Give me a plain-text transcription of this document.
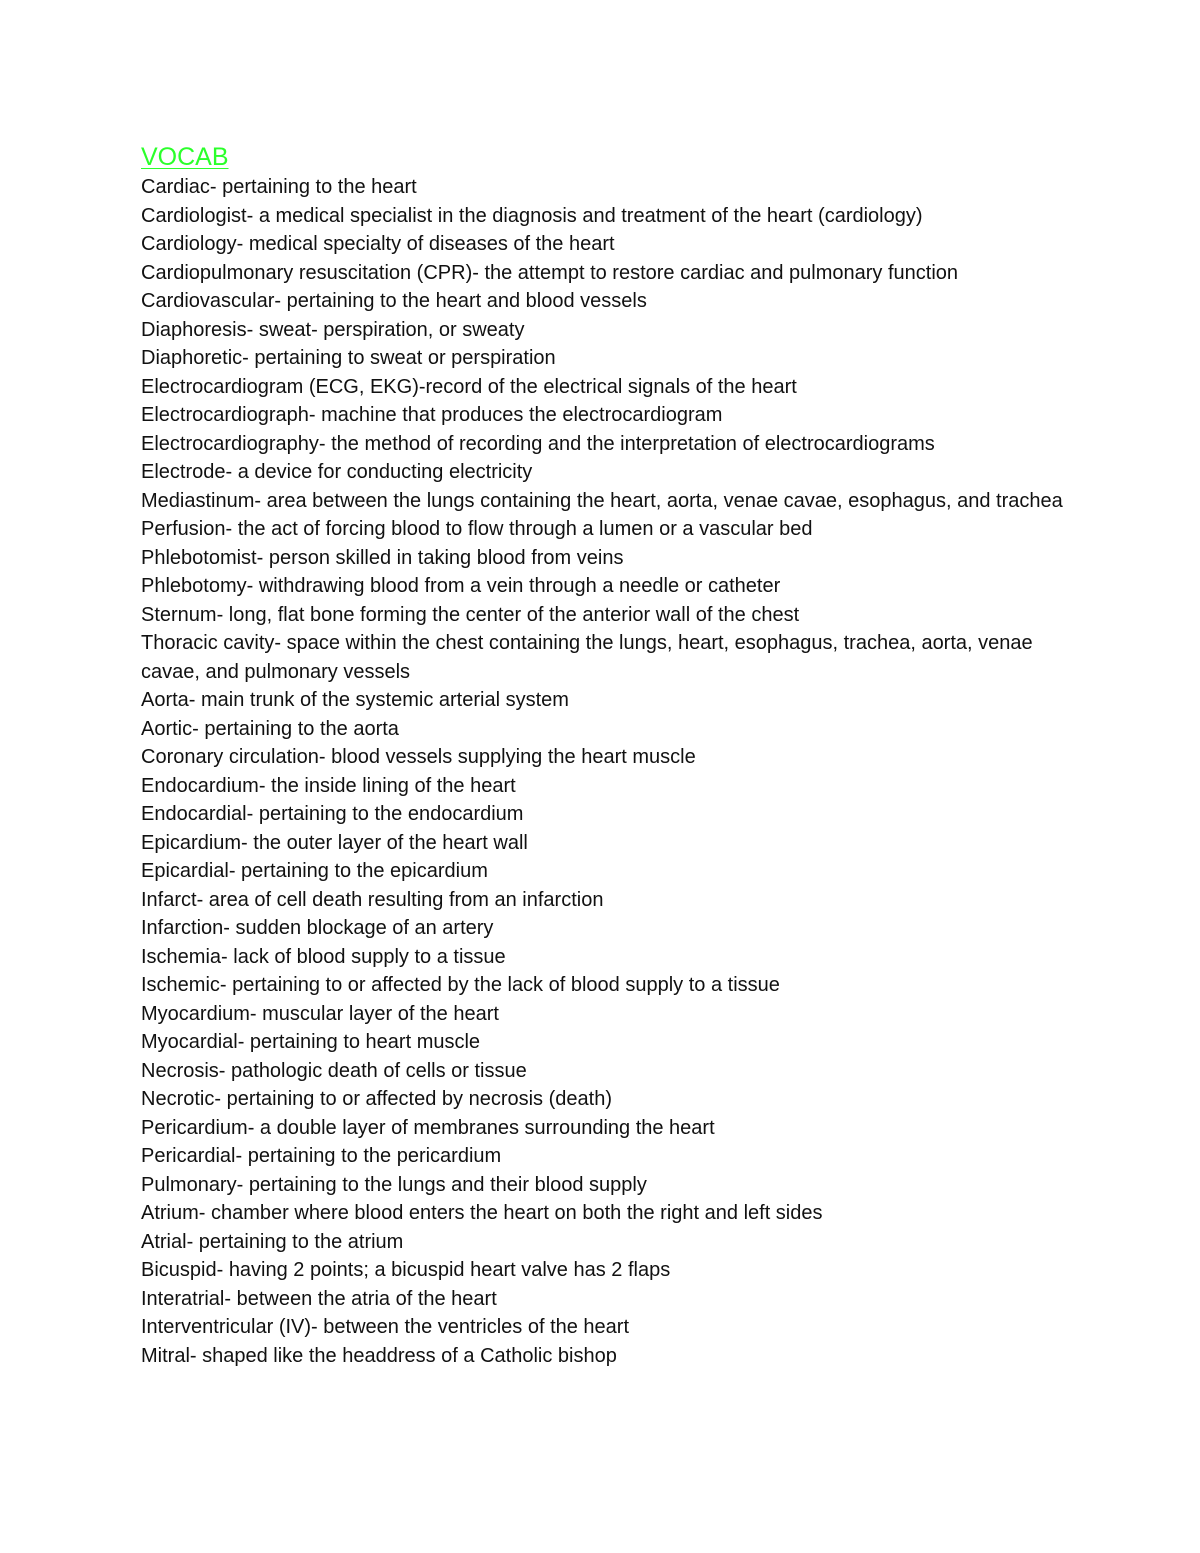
VOCAB
Cardiac- pertaining to the heart
Cardiologist- a medical specialist in the diagnosis and treatment of the heart (cardiology)
Cardiology- medical specialty of diseases of the heart
Cardiopulmonary resuscitation (CPR)- the attempt to restore cardiac and pulmonary function
Cardiovascular- pertaining to the heart and blood vessels
Diaphoresis- sweat- perspiration, or sweaty
Diaphoretic- pertaining to sweat or perspiration
Electrocardiogram (ECG, EKG)-record of the electrical signals of the heart
Electrocardiograph- machine that produces the electrocardiogram
Electrocardiography- the method of recording and the interpretation of electrocardiograms
Electrode- a device for conducting electricity
Mediastinum- area between the lungs containing the heart, aorta, venae cavae, esophagus, and trachea
Perfusion- the act of forcing blood to flow through a lumen or a vascular bed
Phlebotomist- person skilled in taking blood from veins
Phlebotomy- withdrawing blood from a vein through a needle or catheter
Sternum- long, flat bone forming the center of the anterior wall of the chest
Thoracic cavity- space within the chest containing the lungs, heart, esophagus, trachea, aorta, venae cavae, and pulmonary vessels
Aorta- main trunk of the systemic arterial system
Aortic- pertaining to the aorta
Coronary circulation- blood vessels supplying the heart muscle
Endocardium- the inside lining of the heart
Endocardial- pertaining to the endocardium
Epicardium- the outer layer of the heart wall
Epicardial- pertaining to the epicardium
Infarct- area of cell death resulting from an infarction
Infarction- sudden blockage of an artery
Ischemia- lack of blood supply to a tissue
Ischemic- pertaining to or affected by the lack of blood supply to a tissue
Myocardium- muscular layer of the heart
Myocardial- pertaining to heart muscle
Necrosis- pathologic death of cells or tissue
Necrotic- pertaining to or affected by necrosis (death)
Pericardium- a double layer of membranes surrounding the heart
Pericardial- pertaining to the pericardium
Pulmonary- pertaining to the lungs and their blood supply
Atrium- chamber where blood enters the heart on both the right and left sides
Atrial- pertaining to the atrium
Bicuspid- having 2 points; a bicuspid heart valve has 2 flaps
Interatrial- between the atria of the heart
Interventricular (IV)- between the ventricles of the heart
Mitral- shaped like the headdress of a Catholic bishop
